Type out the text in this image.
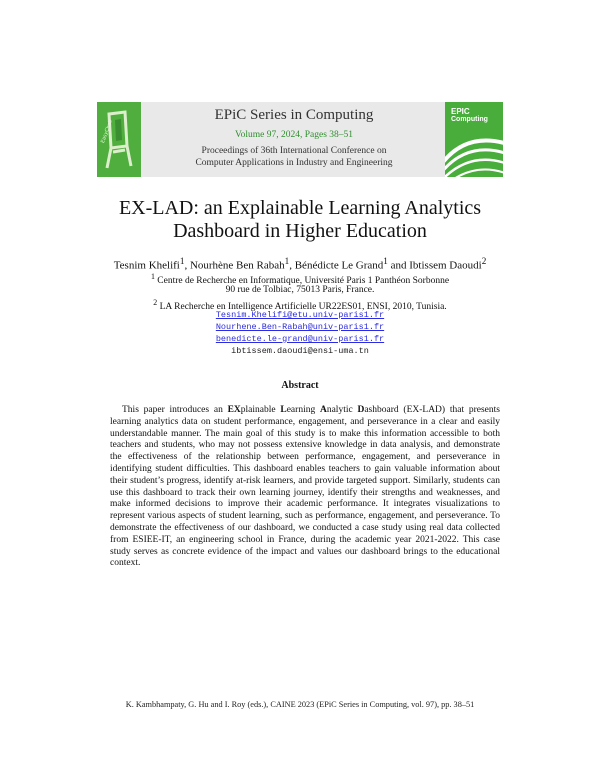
EasyChair
EPiC Series in Computing
Volume 97, 2024, Pages 38–51
Proceedings of 36th International Conference on
Computer Applications in Industry and Engineering
EPIC
Computing
EX-LAD: an Explainable Learning Analytics
Dashboard in Higher Education
Tesnim Khelifi$^1$, Nourhène Ben Rabah$^1$, Bénédicte Le Grand$^1$ and Ibtissem Daoudi$^2$
$^1$ Centre de Recherche en Informatique, Université Paris 1 Panthéon Sorbonne
90 rue de Tolbiac, 75013 Paris, France.
$^2$ LA Recherche en Intelligence Artificielle UR22ES01, ENSI, 2010, Tunisia.
Tesnim.Khelifi@etu.univ-paris1.fr
Nourhene.Ben-Rabah@univ-paris1.fr
benedicte.le-grand@univ-paris1.fr
ibtissem.daoudi@ensi-uma.tn
Abstract
This paper introduces an EXplainable Learning Analytic Dashboard (EX-LAD) that presents learning analytics data on student performance, engagement, and perseverance in a clear and easily understandable manner. The main goal of this study is to make this information accessible to both teachers and students, who may not possess extensive knowledge in data analysis, and demonstrate the effectiveness of the relationship between performance, engagement, and perseverance in identifying student difficulties. This dashboard enables teachers to gain valuable information about their student’s progress, identify at-risk learners, and provide targeted support. Similarly, students can use this dashboard to track their own learning journey, identify their strengths and weaknesses, and make informed decisions to improve their academic performance. It integrates visualizations to represent various aspects of student learning, such as performance, engagement, and perseverance. To demonstrate the effectiveness of our dashboard, we conducted a case study using real data collected from ESIEE-IT, an engineering school in France, during the academic year 2021-2022. This case study serves as concrete evidence of the impact and values our dashboard brings to the educational context.
K. Kambhampaty, G. Hu and I. Roy (eds.), CAINE 2023 (EPiC Series in Computing, vol. 97), pp. 38–51
